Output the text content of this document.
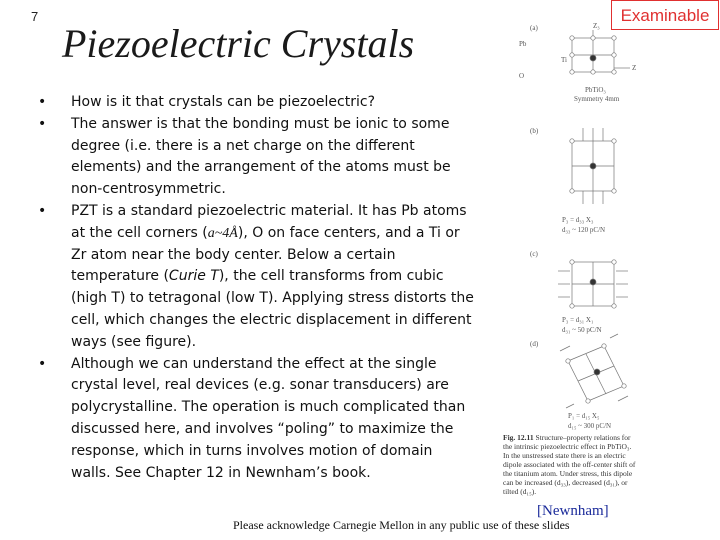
7
Piezoelectric Crystals
Examinable
• How is it that crystals can be piezoelectric?
• The answer is that the bonding must be ionic to some
degree (i.e. there is a net charge on the different
elements) and the arrangement of the atoms must be
non-centrosymmetric.
• PZT is a standard piezoelectric material. It has Pb atoms
at the cell corners (a~4Å), O on face centers, and a Ti or
Zr atom near the body center. Below a certain
temperature (Curie T), the cell transforms from cubic
(high T) to tetragonal (low T). Applying stress distorts the
cell, which changes the electric displacement in different
ways (see figure).
• Although we can understand the effect at the single
crystal level, real devices (e.g. sonar transducers) are
polycrystalline. The operation is much complicated than
discussed here, and involves “poling” to maximize the
response, which in turns involves motion of domain
walls. See Chapter 12 in Newnham’s book.
(a)	Z₃
Pb
Ti
O
Z
PbTiO₃
Symmetry 4mm
(b)
P₃ = d₃₃ X₃
d₃₃ ~ 120 pC/N
(c)
P₃ = d₃₁ X₁
d₃₁ ~ 50 pC/N
(d)
P₁ = d₁₅ X₅
d₁₅ ~ 300 pC/N
Fig. 12.11 Structure–property relations for
the intrinsic piezoelectric effect in PbTiO₃.
In the unstressed state there is an electric
dipole associated with the off-center shift of
the titanium atom. Under stress, this dipole
can be increased (d₃₃), decreased (d₃₁), or
tilted (d₁₅).
[Newnham]
Please acknowledge Carnegie Mellon in any public use of these slides
